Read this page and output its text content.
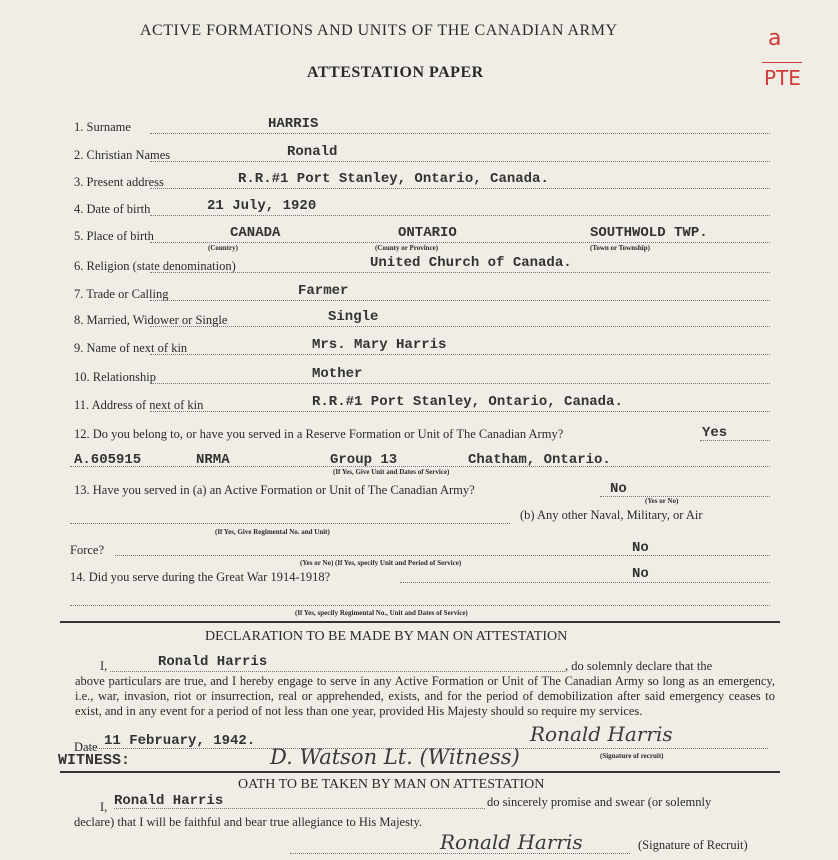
ACTIVE FORMATIONS AND UNITS OF THE CANADIAN ARMY
ATTESTATION PAPER
a
PTE
1. Surname	HARRIS
2. Christian Names	Ronald
3. Present address	R.R.#1 Port Stanley, Ontario, Canada.
4. Date of birth	21 July, 1920
5. Place of birth	CANADA	ONTARIO	SOUTHWOLD TWP.
(Country)	(County or Province)	(Town or Township)
6. Religion (state denomination)	United Church of Canada.
7. Trade or Calling	Farmer
8. Married, Widower or Single	Single
9. Name of next of kin	Mrs. Mary Harris
10. Relationship	Mother
11. Address of next of kin	R.R.#1 Port Stanley, Ontario, Canada.
12. Do you belong to, or have you served in a Reserve Formation or Unit of The Canadian Army?	Yes
A.605915	NRMA	Group 13	Chatham, Ontario.
(If Yes, Give Unit and Dates of Service)
13. Have you served in (a) an Active Formation or Unit of The Canadian Army?	No
(Yes or No)
(b) Any other Naval, Military, or Air
(If Yes, Give Regimental No. and Unit)
Force?	No
(Yes or No) (If Yes, specify Unit and Period of Service)
14. Did you serve during the Great War 1914-1918?	No
(If Yes, specify Regimental No., Unit and Dates of Service)
DECLARATION TO BE MADE BY MAN ON ATTESTATION
I,	Ronald Harris	, do solemnly declare that the
above particulars are true, and I hereby engage to serve in any Active Formation or Unit of The Canadian Army so long as an emergency, i.e., war, invasion, riot or insurrection, real or apprehended, exists, and for the period of demobilization after said emergency ceases to exist, and in any event for a period of not less than one year, provided His Majesty should so require my services.
Date 11 February, 1942.	Ronald Harris
(Signature of recruit)
WITNESS:	D. Watson Lt. (Witness)
OATH TO BE TAKEN BY MAN ON ATTESTATION
I, Ronald Harris	do sincerely promise and swear (or solemnly
declare) that I will be faithful and bear true allegiance to His Majesty.
Ronald Harris	(Signature of Recruit)
